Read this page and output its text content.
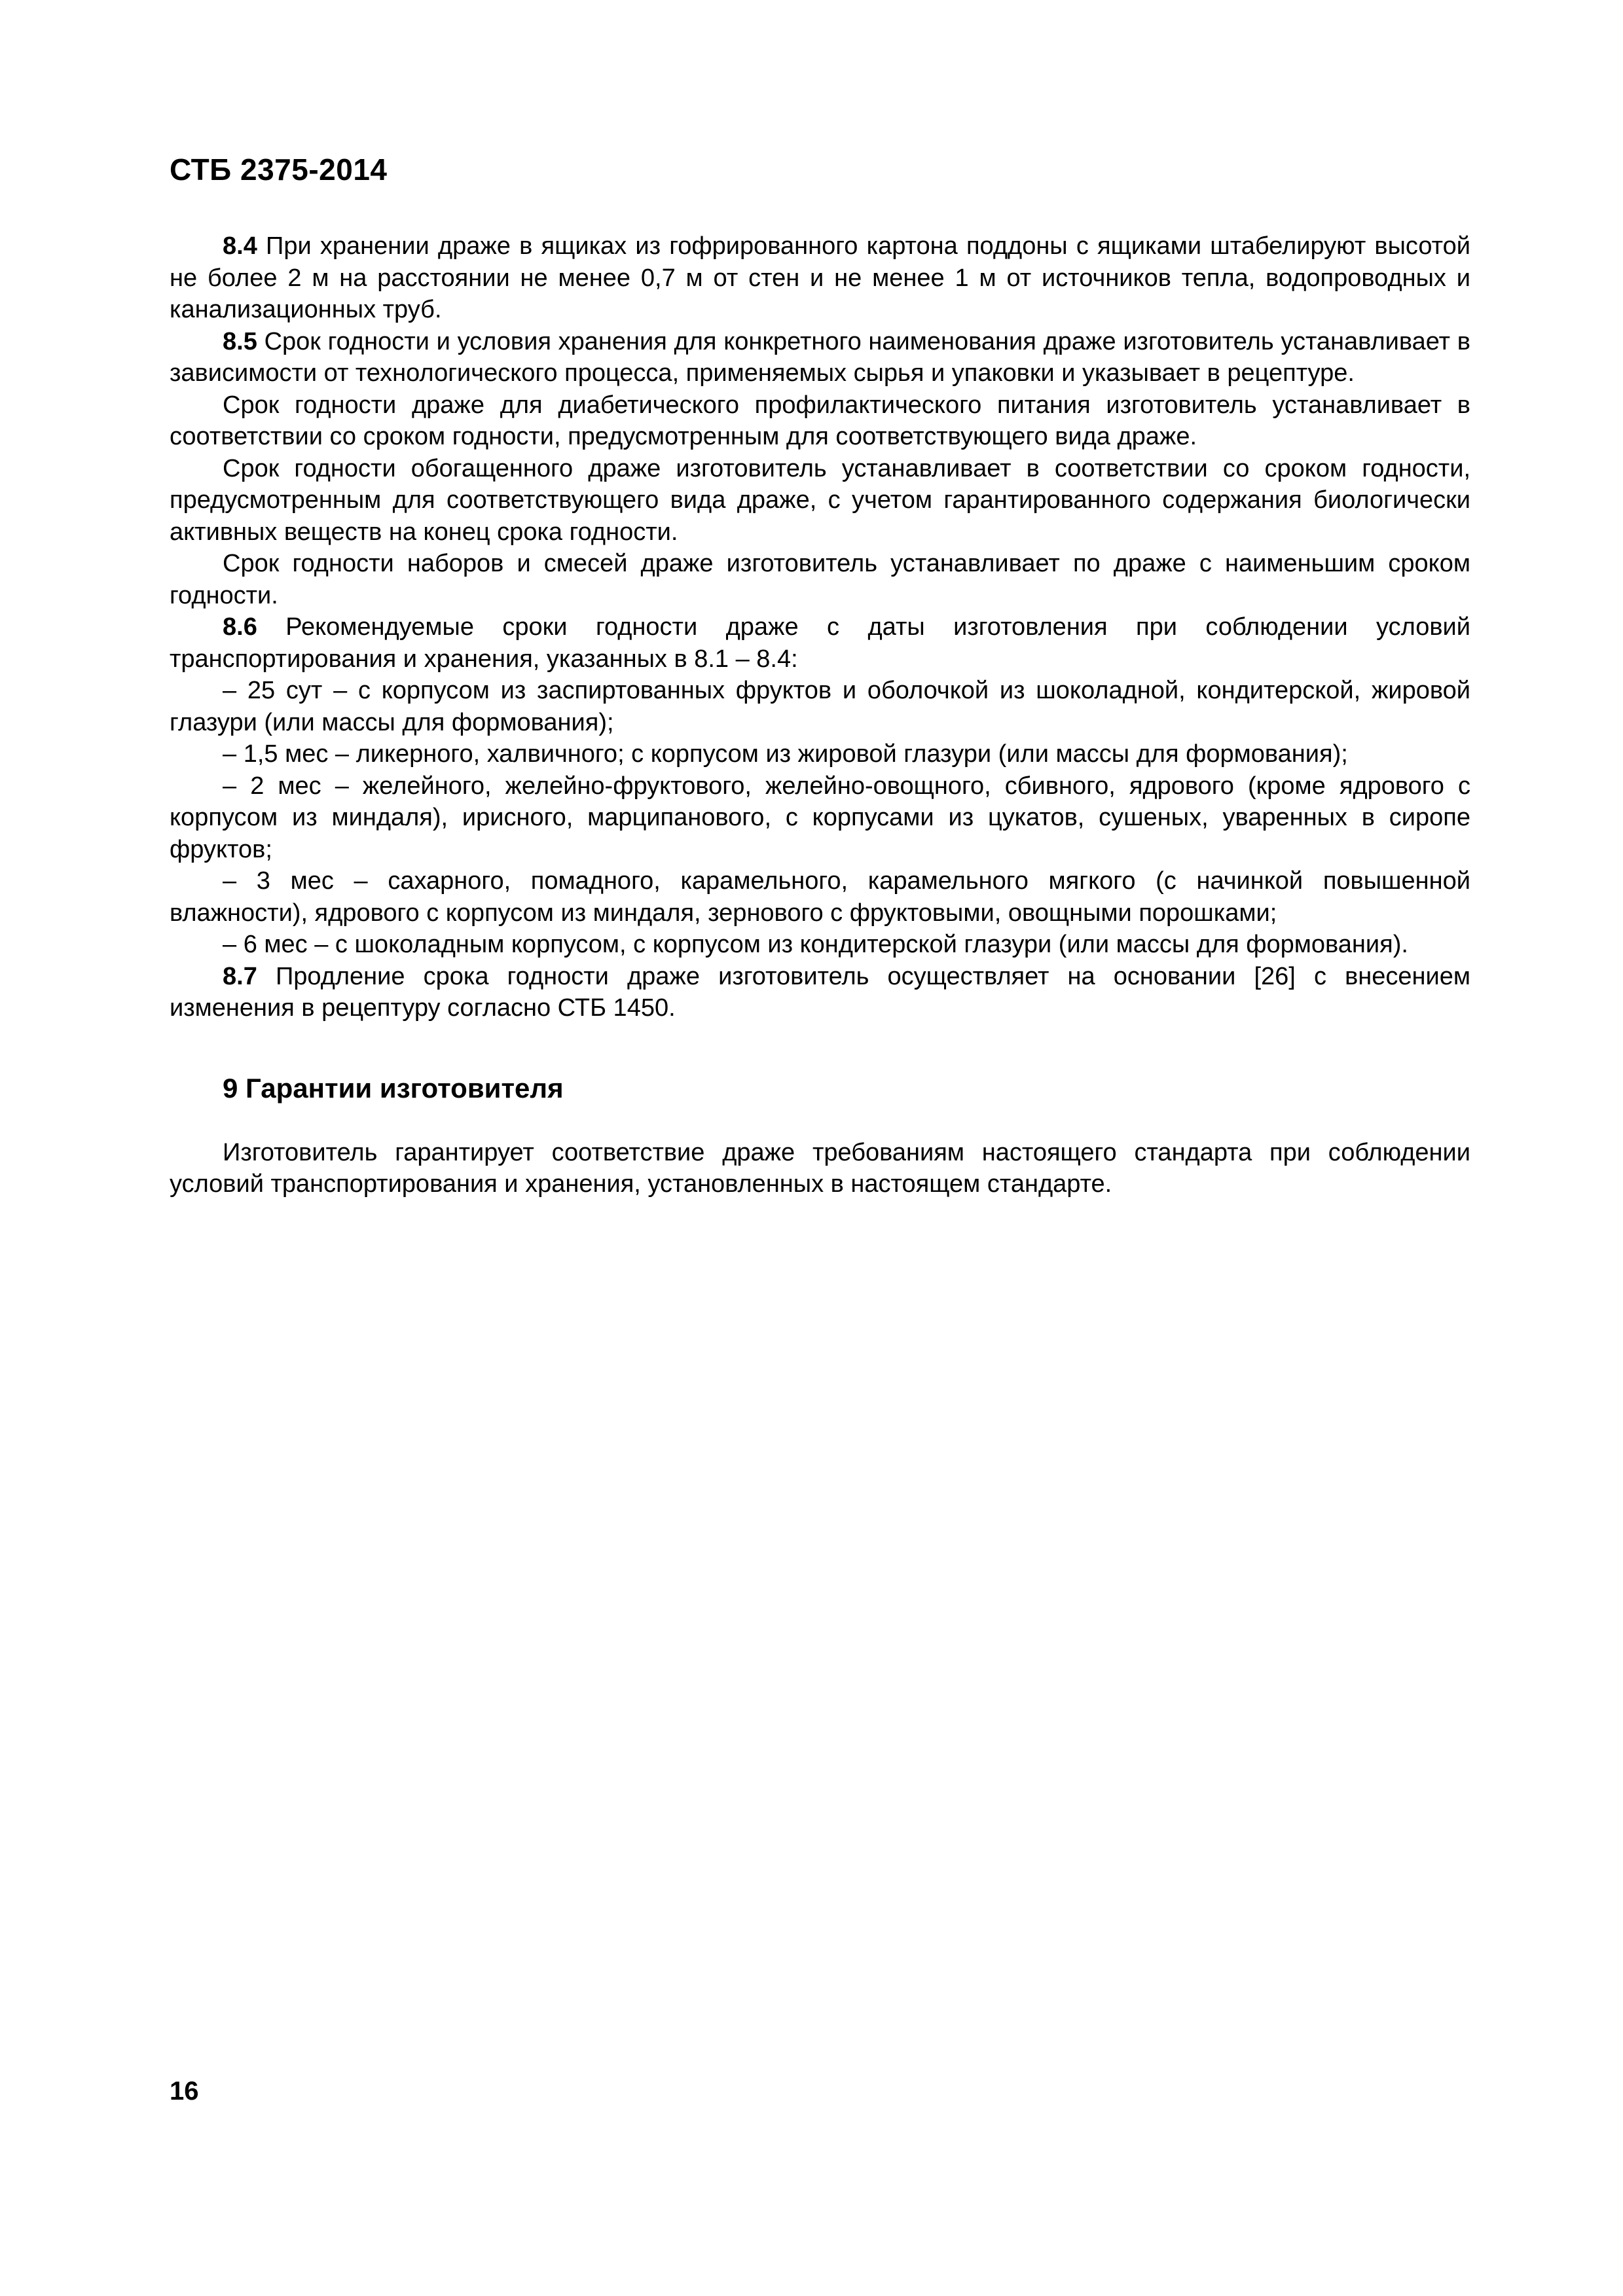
СТБ 2375-2014

8.4 При хранении драже в ящиках из гофрированного картона поддоны с ящиками штабелируют высотой не более 2 м на расстоянии не менее 0,7 м от стен и не менее 1 м от источников тепла, водопроводных и канализационных труб.

8.5 Срок годности и условия хранения для конкретного наименования драже изготовитель устанавливает в зависимости от технологического процесса, применяемых сырья и упаковки и указывает в рецептуре.

Срок годности драже для диабетического профилактического питания изготовитель устанавливает в соответствии со сроком годности, предусмотренным для соответствующего вида драже.

Срок годности обогащенного драже изготовитель устанавливает в соответствии со сроком годности, предусмотренным для соответствующего вида драже, с учетом гарантированного содержания биологически активных веществ на конец срока годности.

Срок годности наборов и смесей драже изготовитель устанавливает по драже с наименьшим сроком годности.

8.6 Рекомендуемые сроки годности драже с даты изготовления при соблюдении условий транспортирования и хранения, указанных в 8.1 – 8.4:

– 25 сут – с корпусом из заспиртованных фруктов и оболочкой из шоколадной, кондитерской, жировой глазури (или массы для формования);

– 1,5 мес – ликерного, халвичного; с корпусом из жировой глазури (или массы для формования);

– 2 мес – желейного, желейно-фруктового, желейно-овощного, сбивного, ядрового (кроме ядрового с корпусом из миндаля), ирисного, марципанового, с корпусами из цукатов, сушеных, уваренных в сиропе фруктов;

– 3 мес – сахарного, помадного, карамельного, карамельного мягкого (с начинкой повышенной влажности), ядрового с корпусом из миндаля, зернового с фруктовыми, овощными порошками;

– 6 мес – с шоколадным корпусом, с корпусом из кондитерской глазури (или массы для формования).

8.7 Продление срока годности драже изготовитель осуществляет на основании [26] с внесением изменения в рецептуру согласно СТБ 1450.

9 Гарантии изготовителя

Изготовитель гарантирует соответствие драже требованиям настоящего стандарта при соблюдении условий транспортирования и хранения, установленных в настоящем стандарте.

16
